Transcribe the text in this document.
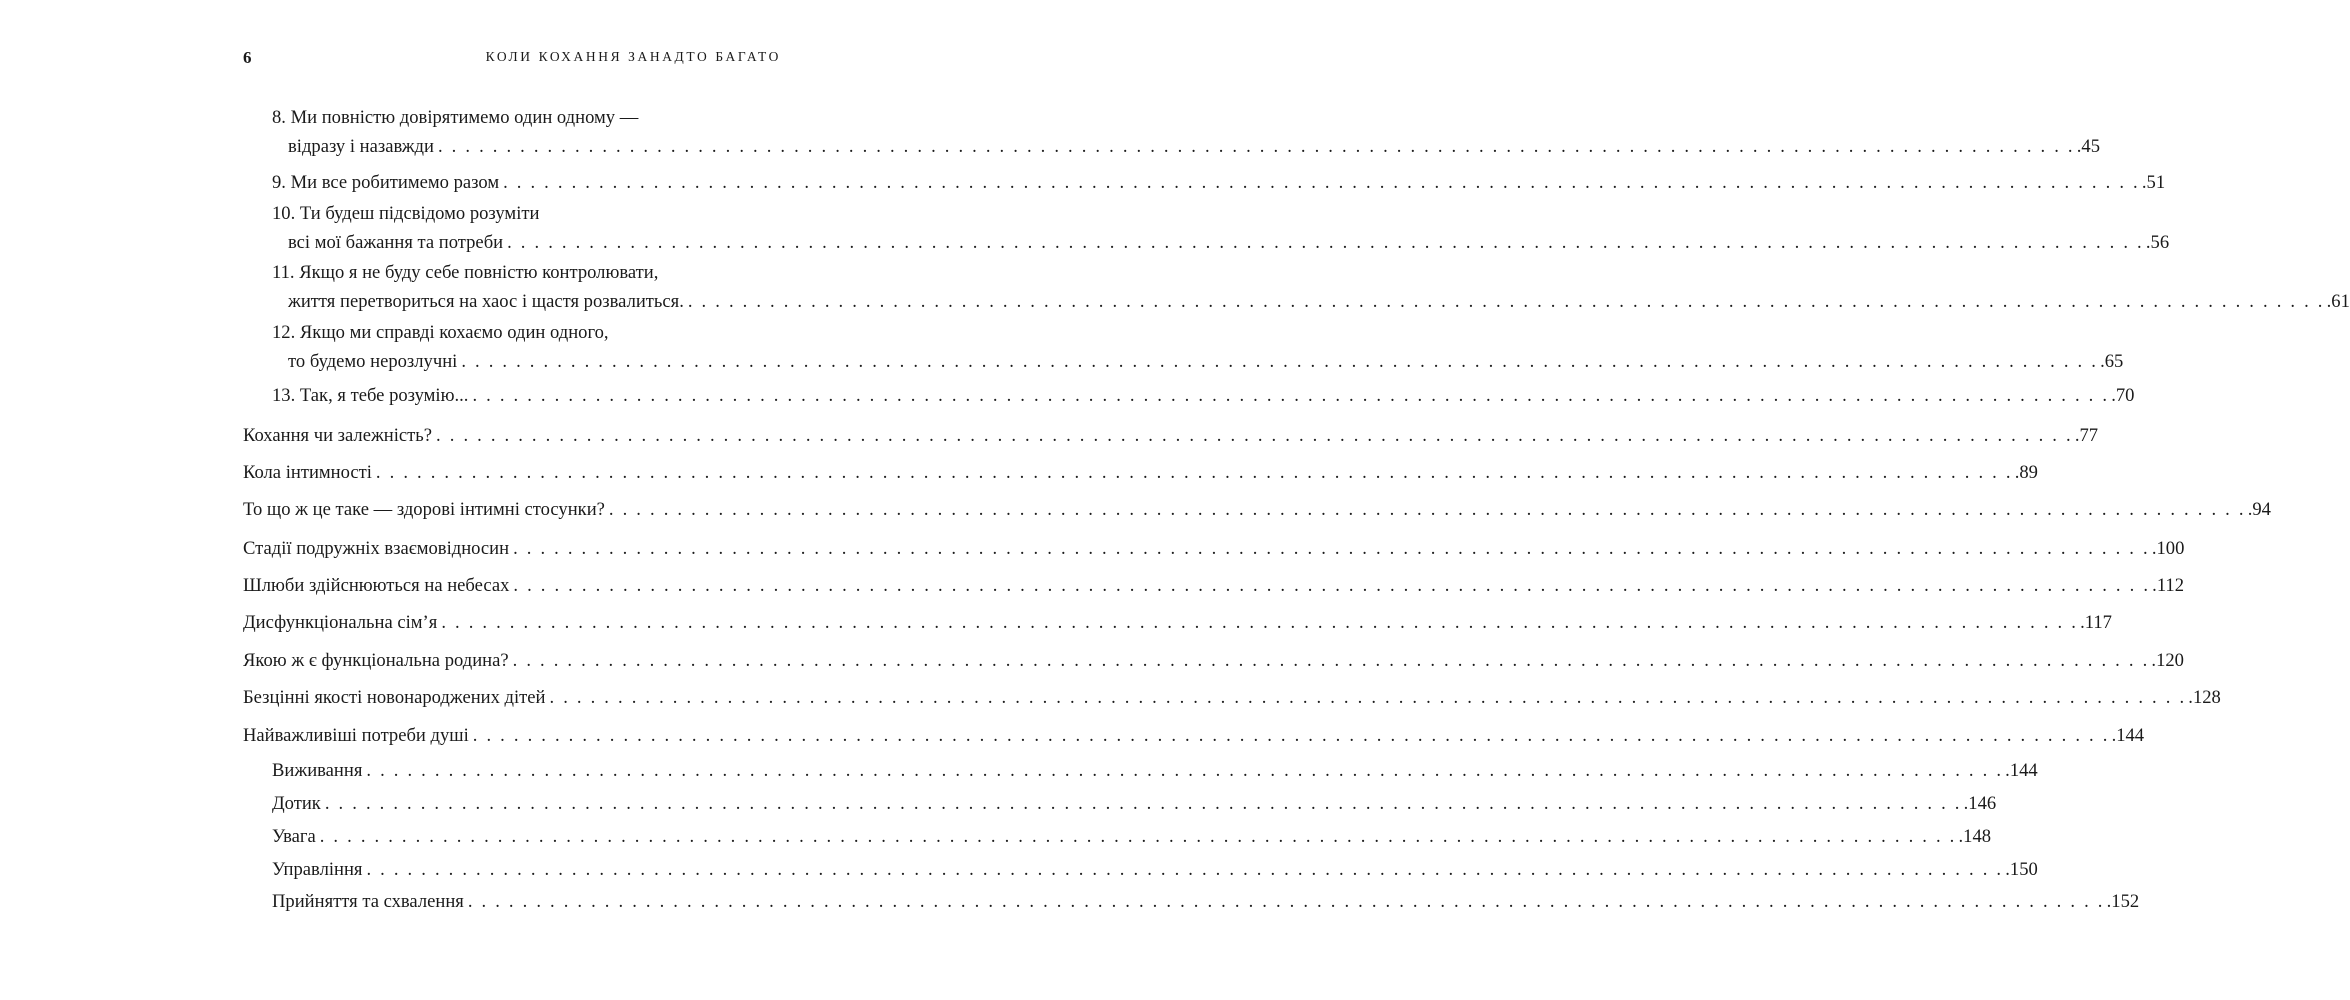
6	КОЛИ КОХАННЯ ЗАНАДТО БАГАТО
8. Ми повністю довірятимемо один одному —
відразу і назавжди . . . . . . . . . . . . . . . . . . . . . . . . . . . . . . . . . . . . . . . . . . . . . . . . . . . . . . . . . . . . . . . . . . . . . . . . . . . . . . . . . . . . . . . . . . . . . . . . . . . . . . . . . . . . . . . . . . . . . . . . .45
9. Ми все робитимемо разом . . . . . . . . . . . . . . . . . . . . . . . . . . . . . . . . . . . . . . . . . . . . . . . . . . . . . . . . . . . . . . . . . . . . . . . . . . . . . . . . . . . . . . . . . . . . . . . . . . . . . . . . . . . . . . . . . . . . . . . . .51
10. Ти будеш підсвідомо розуміти
всі мої бажання та потреби . . . . . . . . . . . . . . . . . . . . . . . . . . . . . . . . . . . . . . . . . . . . . . . . . . . . . . . . . . . . . . . . . . . . . . . . . . . . . . . . . . . . . . . . . . . . . . . . . . . . . . . . . . . . . . . . . . . . . . . . .56
11. Якщо я не буду себе повністю контролювати,
життя перетвориться на хаос і щастя розвалиться. . . . . . . . . . . . . . . . . . . . . . . . . . . . . . . . . . . . . . . . . . . . . . . . . . . . . . . . . . . . . . . . . . . . . . . . . . . . . . . . . . . . . . . . . . . . . . . . . . . . . . . . . . . . . . . . . . . . . . . . . .61
12. Якщо ми справді кохаємо один одного,
то будемо нерозлучні . . . . . . . . . . . . . . . . . . . . . . . . . . . . . . . . . . . . . . . . . . . . . . . . . . . . . . . . . . . . . . . . . . . . . . . . . . . . . . . . . . . . . . . . . . . . . . . . . . . . . . . . . . . . . . . . . . . . . . . . .65
13. Так, я тебе розумію... . . . . . . . . . . . . . . . . . . . . . . . . . . . . . . . . . . . . . . . . . . . . . . . . . . . . . . . . . . . . . . . . . . . . . . . . . . . . . . . . . . . . . . . . . . . . . . . . . . . . . . . . . . . . . . . . . . . . . . . . .70
Кохання чи залежність? . . . . . . . . . . . . . . . . . . . . . . . . . . . . . . . . . . . . . . . . . . . . . . . . . . . . . . . . . . . . . . . . . . . . . . . . . . . . . . . . . . . . . . . . . . . . . . . . . . . . . . . . . . . . . . . . . . . . . . . . .77
Кола інтимності . . . . . . . . . . . . . . . . . . . . . . . . . . . . . . . . . . . . . . . . . . . . . . . . . . . . . . . . . . . . . . . . . . . . . . . . . . . . . . . . . . . . . . . . . . . . . . . . . . . . . . . . . . . . . . . . . . . . . . . . .89
То що ж це таке — здорові інтимні стосунки? . . . . . . . . . . . . . . . . . . . . . . . . . . . . . . . . . . . . . . . . . . . . . . . . . . . . . . . . . . . . . . . . . . . . . . . . . . . . . . . . . . . . . . . . . . . . . . . . . . . . . . . . . . . . . . . . . . . . . . . . .94
Стадії подружніх взаємовідносин . . . . . . . . . . . . . . . . . . . . . . . . . . . . . . . . . . . . . . . . . . . . . . . . . . . . . . . . . . . . . . . . . . . . . . . . . . . . . . . . . . . . . . . . . . . . . . . . . . . . . . . . . . . . . . . . . . . . . . . . .100
Шлюби здійснюються на небесах . . . . . . . . . . . . . . . . . . . . . . . . . . . . . . . . . . . . . . . . . . . . . . . . . . . . . . . . . . . . . . . . . . . . . . . . . . . . . . . . . . . . . . . . . . . . . . . . . . . . . . . . . . . . . . . . . . . . . . . . .112
Дисфункціональна сім’я . . . . . . . . . . . . . . . . . . . . . . . . . . . . . . . . . . . . . . . . . . . . . . . . . . . . . . . . . . . . . . . . . . . . . . . . . . . . . . . . . . . . . . . . . . . . . . . . . . . . . . . . . . . . . . . . . . . . . . . . .117
Якою ж є функціональна родина? . . . . . . . . . . . . . . . . . . . . . . . . . . . . . . . . . . . . . . . . . . . . . . . . . . . . . . . . . . . . . . . . . . . . . . . . . . . . . . . . . . . . . . . . . . . . . . . . . . . . . . . . . . . . . . . . . . . . . . . . .120
Безцінні якості новонароджених дітей . . . . . . . . . . . . . . . . . . . . . . . . . . . . . . . . . . . . . . . . . . . . . . . . . . . . . . . . . . . . . . . . . . . . . . . . . . . . . . . . . . . . . . . . . . . . . . . . . . . . . . . . . . . . . . . . . . . . . . . . .128
Найважливіші потреби душі . . . . . . . . . . . . . . . . . . . . . . . . . . . . . . . . . . . . . . . . . . . . . . . . . . . . . . . . . . . . . . . . . . . . . . . . . . . . . . . . . . . . . . . . . . . . . . . . . . . . . . . . . . . . . . . . . . . . . . . . .144
Виживання . . . . . . . . . . . . . . . . . . . . . . . . . . . . . . . . . . . . . . . . . . . . . . . . . . . . . . . . . . . . . . . . . . . . . . . . . . . . . . . . . . . . . . . . . . . . . . . . . . . . . . . . . . . . . . . . . . . . . . . . .144
Дотик . . . . . . . . . . . . . . . . . . . . . . . . . . . . . . . . . . . . . . . . . . . . . . . . . . . . . . . . . . . . . . . . . . . . . . . . . . . . . . . . . . . . . . . . . . . . . . . . . . . . . . . . . . . . . . . . . . . . . . . . .146
Увага . . . . . . . . . . . . . . . . . . . . . . . . . . . . . . . . . . . . . . . . . . . . . . . . . . . . . . . . . . . . . . . . . . . . . . . . . . . . . . . . . . . . . . . . . . . . . . . . . . . . . . . . . . . . . . . . . . . . . . . . .148
Управління . . . . . . . . . . . . . . . . . . . . . . . . . . . . . . . . . . . . . . . . . . . . . . . . . . . . . . . . . . . . . . . . . . . . . . . . . . . . . . . . . . . . . . . . . . . . . . . . . . . . . . . . . . . . . . . . . . . . . . . . .150
Прийняття та схвалення . . . . . . . . . . . . . . . . . . . . . . . . . . . . . . . . . . . . . . . . . . . . . . . . . . . . . . . . . . . . . . . . . . . . . . . . . . . . . . . . . . . . . . . . . . . . . . . . . . . . . . . . . . . . . . . . . . . . . . . . .152
